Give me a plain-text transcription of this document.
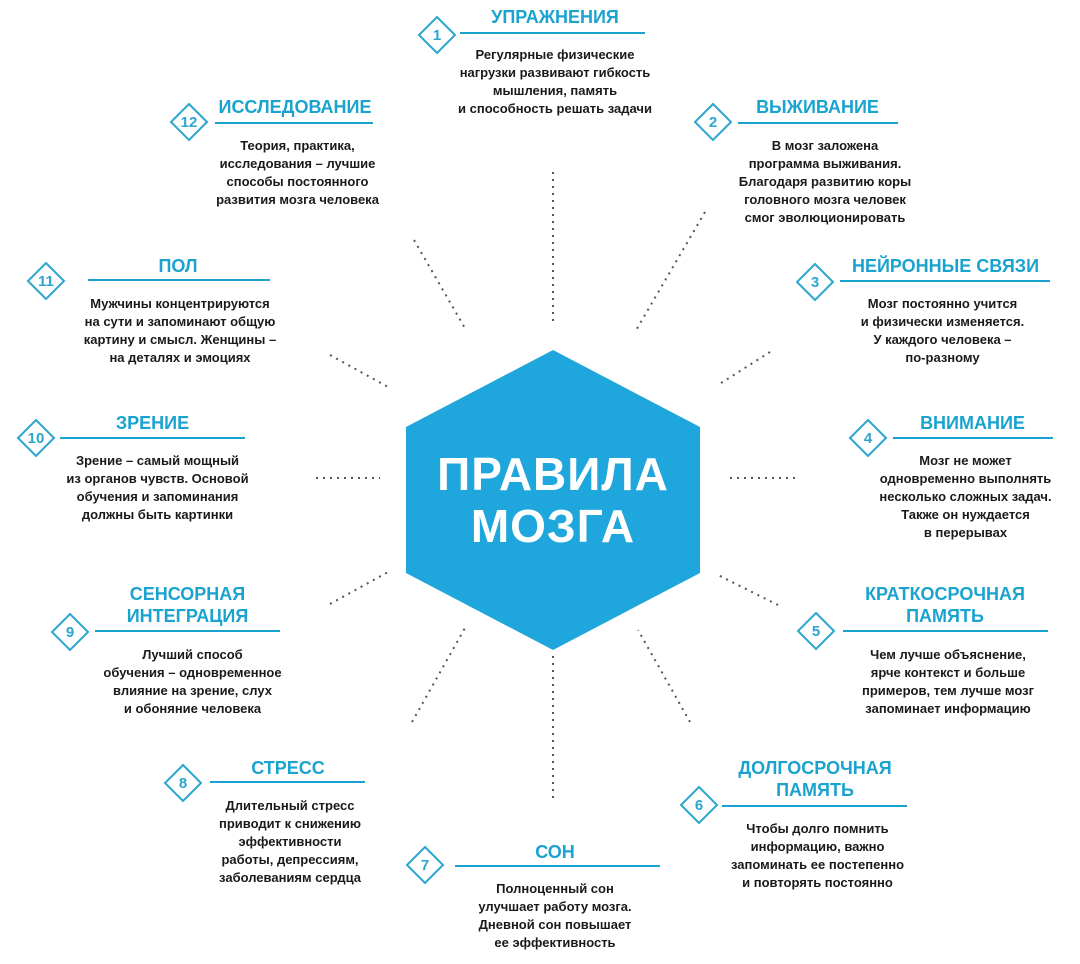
ПРАВИЛА
МОЗГА
1
УПРАЖНЕНИЯ
Регулярные физические
нагрузки развивают гибкость
мышления, память
и способность решать задачи
2
ВЫЖИВАНИЕ
В мозг заложена
программа выживания.
Благодаря развитию коры
головного мозга человек
смог эволюционировать
3
НЕЙРОННЫЕ СВЯЗИ
Мозг постоянно учится
и физически изменяется.
У каждого человека –
по-разному
4
ВНИМАНИЕ
Мозг не может
одновременно выполнять
несколько сложных задач.
Также он нуждается
в перерывах
5
КРАТКОСРОЧНАЯ
ПАМЯТЬ
Чем лучше объяснение,
ярче контекст и больше
примеров, тем лучше мозг
запоминает информацию
6
ДОЛГОСРОЧНАЯ
ПАМЯТЬ
Чтобы долго помнить
информацию, важно
запоминать ее постепенно
и повторять постоянно
7
СОН
Полноценный сон
улучшает работу мозга.
Дневной сон повышает
ее эффективность
8
СТРЕСС
Длительный стресс
приводит к снижению
эффективности
работы, депрессиям,
заболеваниям сердца
9
СЕНСОРНАЯ
ИНТЕГРАЦИЯ
Лучший способ
обучения – одновременное
влияние на зрение, слух
и обоняние человека
10
ЗРЕНИЕ
Зрение – самый мощный
из органов чувств. Основой
обучения и запоминания
должны быть картинки
11
ПОЛ
Мужчины концентрируются
на сути и запоминают общую
картину и смысл. Женщины –
на деталях и эмоциях
12
ИССЛЕДОВАНИЕ
Теория, практика,
исследования – лучшие
способы постоянного
развития мозга человека
